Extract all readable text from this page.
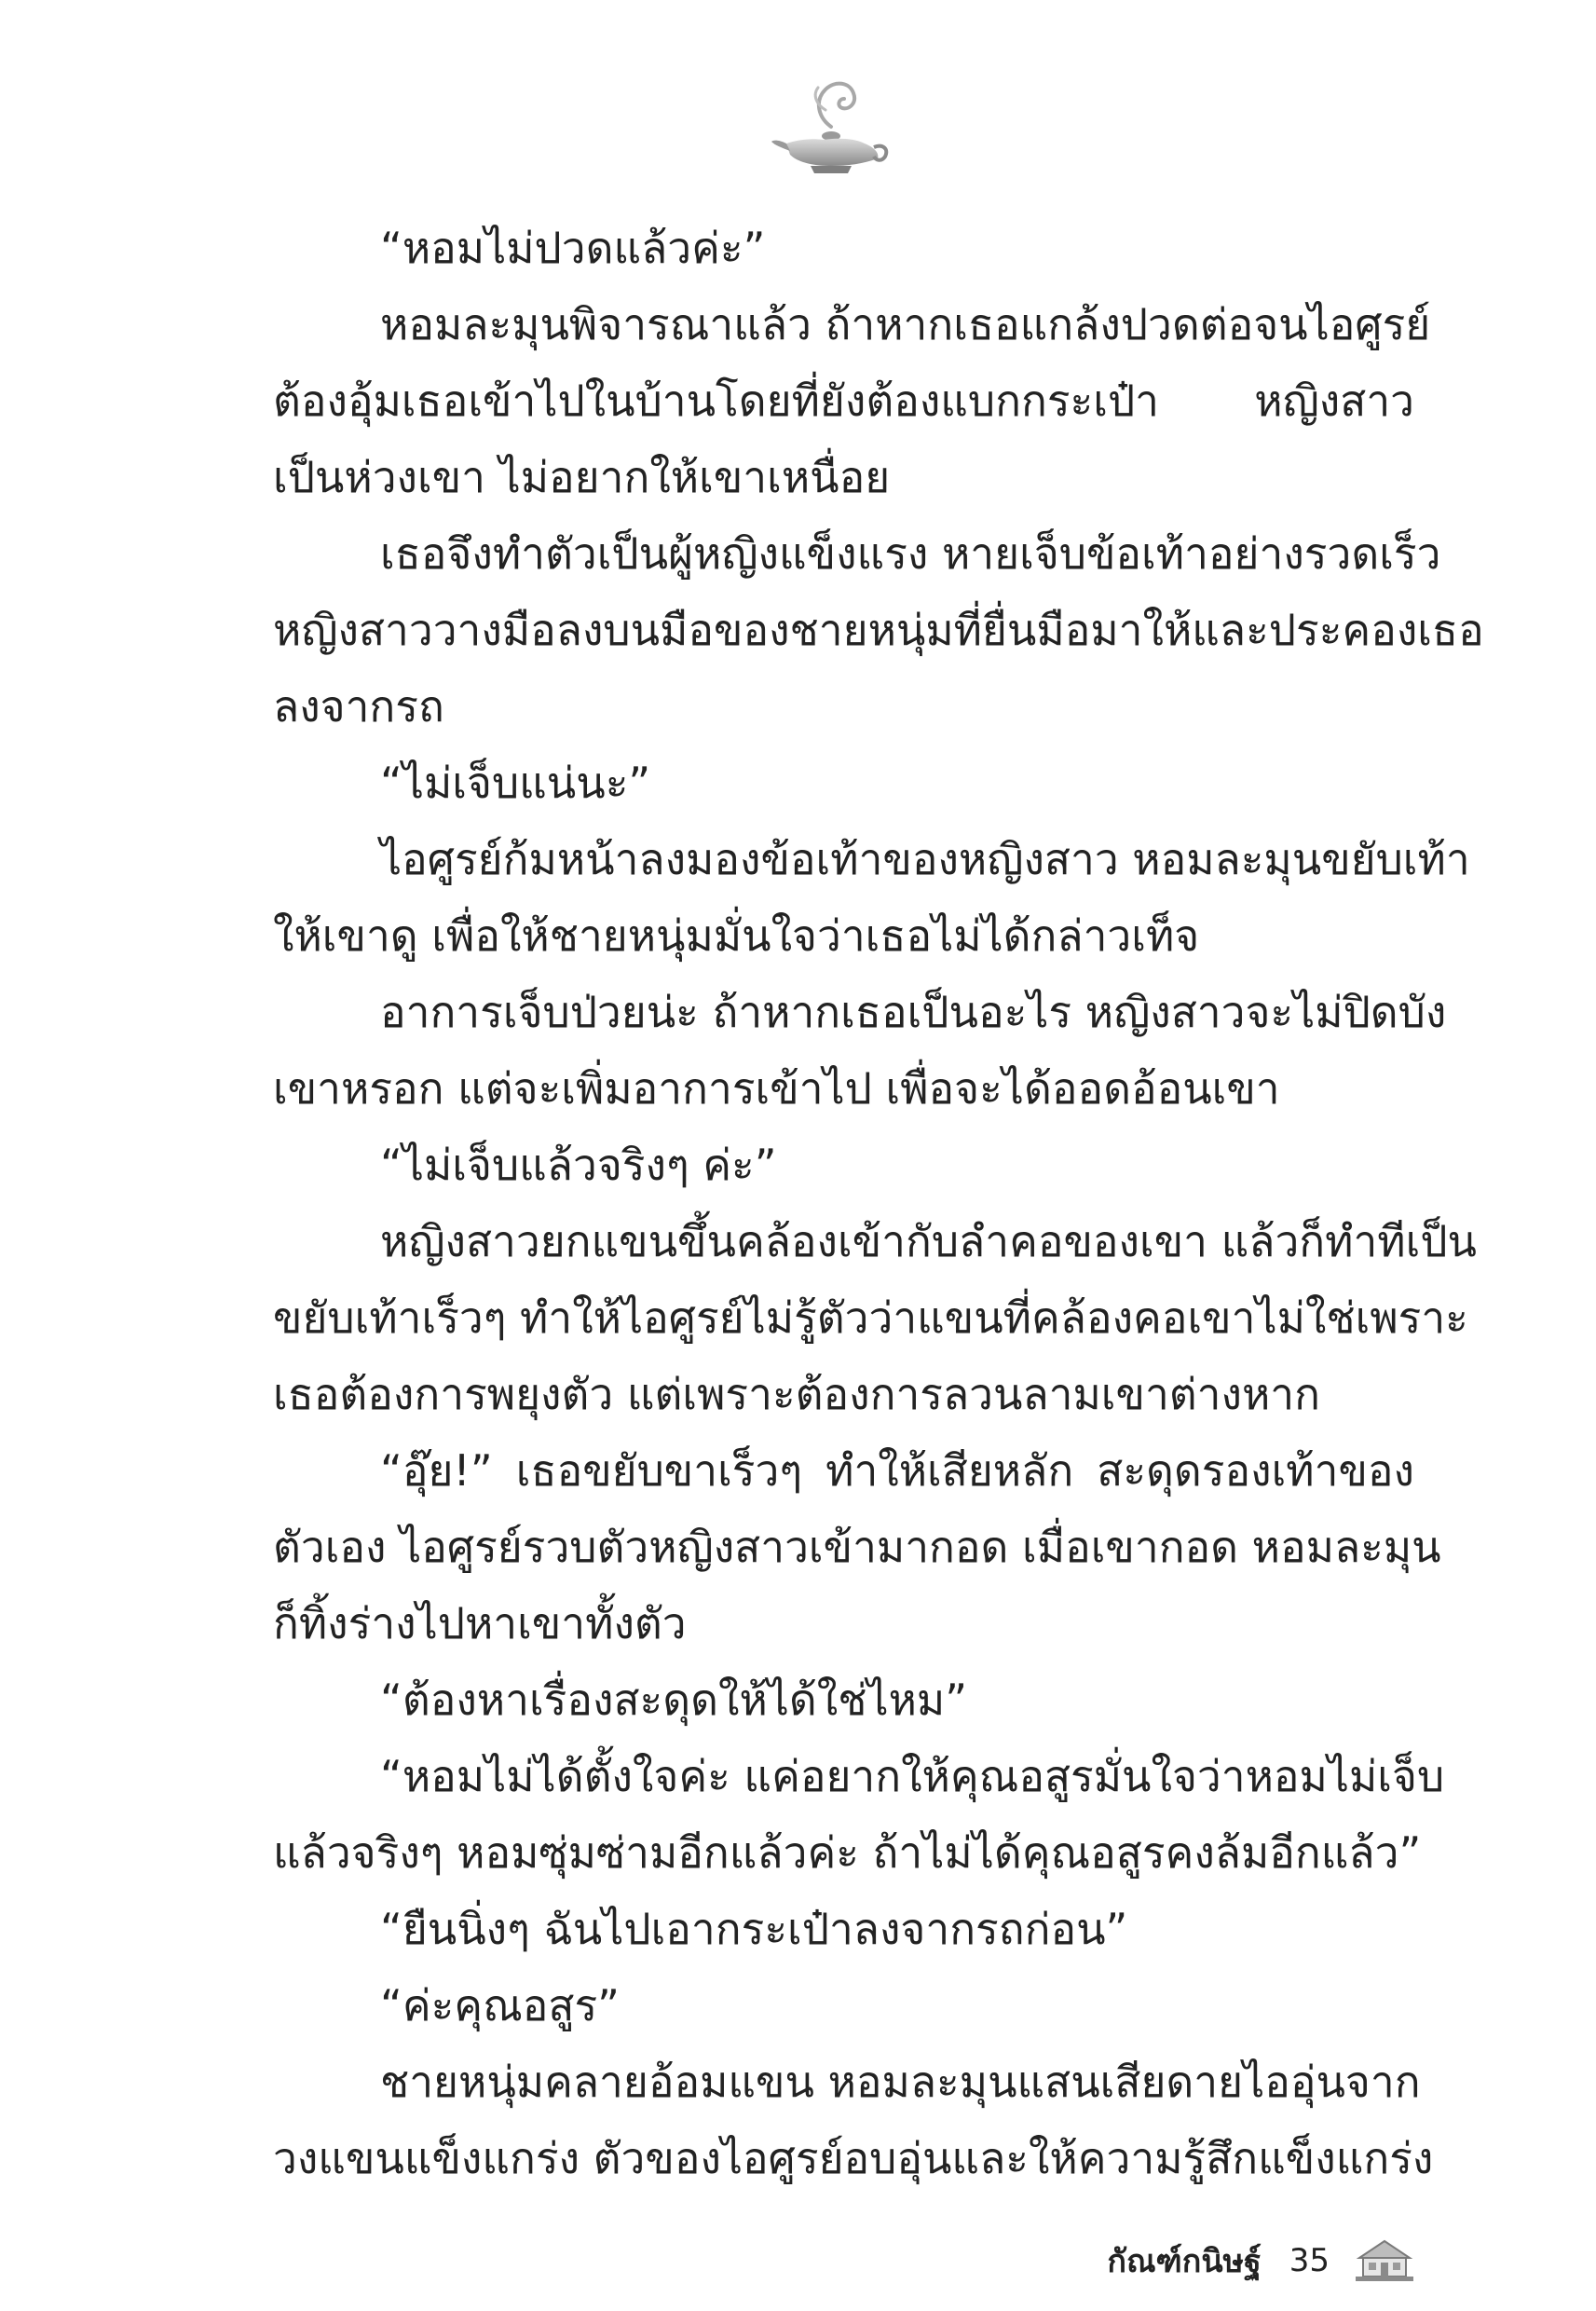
“หอมไม่ปวดแล้วค่ะ”
หอมละมุนพิจารณาแล้ว ถ้าหากเธอแกล้งปวดต่อจนไอศูรย์
ต้องอุ้มเธอเข้าไปในบ้านโดยที่ยังต้องแบกกระเป๋า หญิงสาว
เป็นห่วงเขา ไม่อยากให้เขาเหนื่อย
เธอจึงทำตัวเป็นผู้หญิงแข็งแรง หายเจ็บข้อเท้าอย่างรวดเร็ว
หญิงสาววางมือลงบนมือของชายหนุ่มที่ยื่นมือมาให้และประคองเธอ
ลงจากรถ
“ไม่เจ็บแน่นะ”
ไอศูรย์ก้มหน้าลงมองข้อเท้าของหญิงสาว หอมละมุนขยับเท้า
ให้เขาดู เพื่อให้ชายหนุ่มมั่นใจว่าเธอไม่ได้กล่าวเท็จ
อาการเจ็บป่วยน่ะ ถ้าหากเธอเป็นอะไร หญิงสาวจะไม่ปิดบัง
เขาหรอก แต่จะเพิ่มอาการเข้าไป เพื่อจะได้ออดอ้อนเขา
“ไม่เจ็บแล้วจริงๆ ค่ะ”
หญิงสาวยกแขนขึ้นคล้องเข้ากับลำคอของเขา แล้วก็ทำทีเป็น
ขยับเท้าเร็วๆ ทำให้ไอศูรย์ไม่รู้ตัวว่าแขนที่คล้องคอเขาไม่ใช่เพราะ
เธอต้องการพยุงตัว แต่เพราะต้องการลวนลามเขาต่างหาก
“อุ๊ย!” เธอขยับขาเร็วๆ ทำให้เสียหลัก สะดุดรองเท้าของ
ตัวเอง ไอศูรย์รวบตัวหญิงสาวเข้ามากอด เมื่อเขากอด หอมละมุน
ก็ทิ้งร่างไปหาเขาทั้งตัว
“ต้องหาเรื่องสะดุดให้ได้ใช่ไหม”
“หอมไม่ได้ตั้งใจค่ะ แค่อยากให้คุณอสูรมั่นใจว่าหอมไม่เจ็บ
แล้วจริงๆ หอมซุ่มซ่ามอีกแล้วค่ะ ถ้าไม่ได้คุณอสูรคงล้มอีกแล้ว”
“ยืนนิ่งๆ ฉันไปเอากระเป๋าลงจากรถก่อน”
“ค่ะคุณอสูร”
ชายหนุ่มคลายอ้อมแขน หอมละมุนแสนเสียดายไออุ่นจาก
วงแขนแข็งแกร่ง ตัวของไอศูรย์อบอุ่นและให้ความรู้สึกแข็งแกร่ง
กัณฑ์กนิษฐ์ 35
